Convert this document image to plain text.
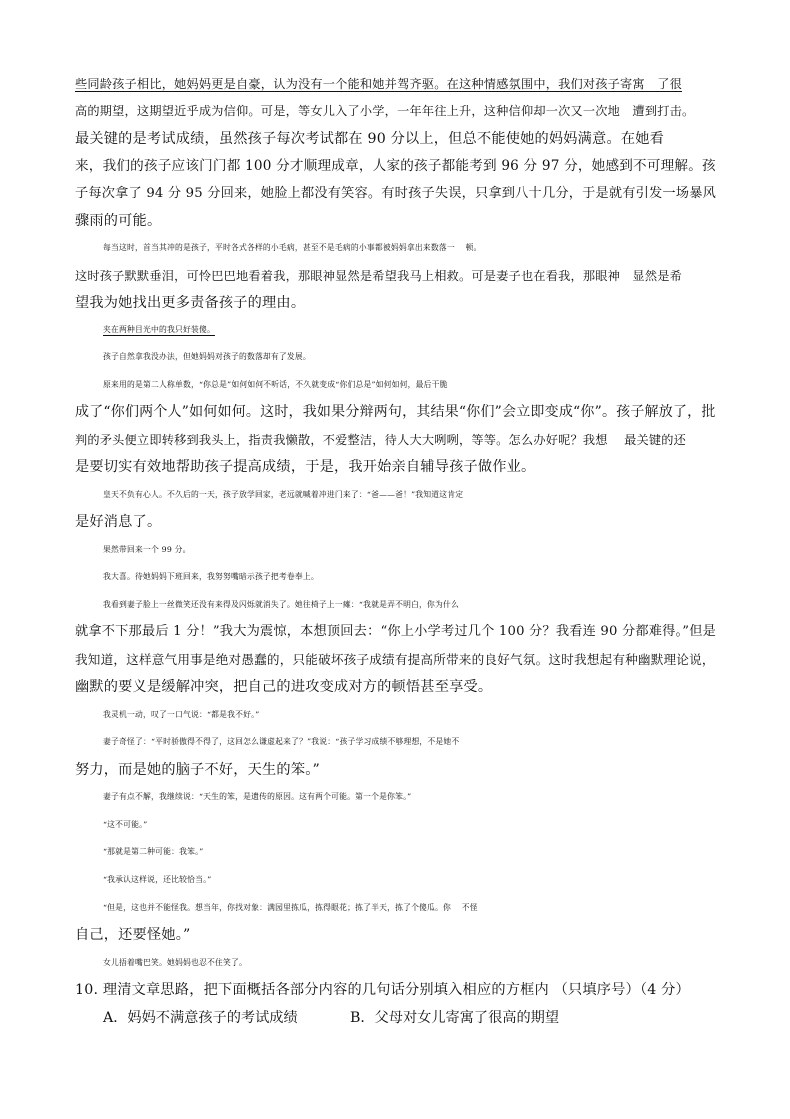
些同龄孩子相比，她妈妈更是自豪，认为没有一个能和她并驾齐驱。在这种情感氛围中，我们对孩子寄寓　了很
高的期望，这期望近乎成为信仰。可是，等女儿入了小学，一年年往上升，这种信仰却一次又一次地　遭到打击。
最关键的是考试成绩，虽然孩子每次考试都在 90 分以上，但总不能使她的妈妈满意。在她看
来，我们的孩子应该门门都 100 分才顺理成章，人家的孩子都能考到 96 分 97 分，她感到不可理解。孩
子每次拿了 94 分 95 分回来，她脸上都没有笑容。有时孩子失误，只拿到八十几分，于是就有引发一场暴风
骤雨的可能。
每当这时，首当其冲的是孩子，平时各式各样的小毛病，甚至不是毛病的小事都被妈妈拿出来数落一　 顿。
这时孩子默默垂泪，可怜巴巴地看着我，那眼神显然是希望我马上相救。可是妻子也在看我，那眼神　显然是希
望我为她找出更多责备孩子的理由。
夹在两种目光中的我只好装傻。
孩子自然拿我没办法，但她妈妈对孩子的数落却有了发展。
原来用的是第二人称单数，“你总是”如何如何不听话，不久就变成“你们总是”如何如何，最后干脆
成了“你们两个人”如何如何。这时，我如果分辩两句，其结果“你们”会立即变成“你”。孩子解放了，批
判的矛头便立即转移到我头上，指责我懒散，不爱整洁，待人大大咧咧，等等。怎么办好呢？我想　 最关键的还
是要切实有效地帮助孩子提高成绩，于是，我开始亲自辅导孩子做作业。
皇天不负有心人。不久后的一天，孩子放学回家，老远就喊着冲进门来了：“爸——爸！”我知道这肯定
是好消息了。
果然带回来一个 99 分。
我大喜。待她妈妈下班回来，我努努嘴暗示孩子把考卷奉上。
我看到妻子脸上一丝微笑还没有来得及闪烁就消失了。她往椅子上一瘫：“我就是弄不明白，你为什么
就拿不下那最后 1 分！”我大为震惊，本想顶回去：“你上小学考过几个 100 分？我看连 90 分都难得。”但是
我知道，这样意气用事是绝对愚蠢的，只能破坏孩子成绩有提高所带来的良好气氛。这时我想起有种幽默理论说，
幽默的要义是缓解冲突，把自己的进攻变成对方的顿悟甚至享受。
我灵机一动，叹了一口气说：“都是我不好。”
妻子奇怪了：“平时骄傲得不得了，这回怎么谦虚起来了？”我说：“孩子学习成绩不够理想，不是她不
努力，而是她的脑子不好，天生的笨。”
妻子有点不解，我继续说：“天生的笨，是遗传的原因。这有两个可能。第一个是你笨。”
“这不可能。”
“那就是第二种可能：我笨。”
“我承认这样说，还比较恰当。”
“但是，这也并不能怪我。想当年，你找对象：满园里拣瓜，拣得眼花；拣了半天，拣了个傻瓜。你　 不怪
自己，还要怪她。”
女儿捂着嘴巴笑。她妈妈也忍不住笑了。
10. 理清文章思路，把下面概括各部分内容的几句话分别填入相应的方框内 （只填序号）（4 分）
A．妈妈不满意孩子的考试成绩	B．父母对女儿寄寓了很高的期望
